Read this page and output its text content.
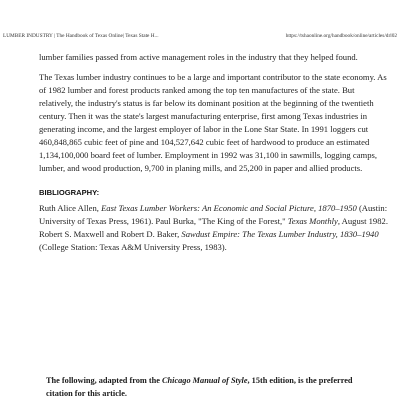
LUMBER INDUSTRY | The Handbook of Texas Online| Texas State H...	https://tshaonline.org/handbook/online/articles/drl02

lumber families passed from active management roles in the industry that they helped found.

The Texas lumber industry continues to be a large and important contributor to the state economy. As of 1982 lumber and forest products ranked among the top ten manufactures of the state. But relatively, the industry's status is far below its dominant position at the beginning of the twentieth century. Then it was the state's largest manufacturing enterprise, first among Texas industries in generating income, and the largest employer of labor in the Lone Star State. In 1991 loggers cut 460,848,865 cubic feet of pine and 104,527,642 cubic feet of hardwood to produce an estimated 1,134,100,000 board feet of lumber. Employment in 1992 was 31,100 in sawmills, logging camps, lumber, and wood production, 9,700 in planing mills, and 25,200 in paper and allied products.

BIBLIOGRAPHY:

Ruth Alice Allen, East Texas Lumber Workers: An Economic and Social Picture, 1870–1950 (Austin: University of Texas Press, 1961). Paul Burka, "The King of the Forest," Texas Monthly, August 1982. Robert S. Maxwell and Robert D. Baker, Sawdust Empire: The Texas Lumber Industry, 1830–1940 (College Station: Texas A&M University Press, 1983).

The following, adapted from the Chicago Manual of Style, 15th edition, is the preferred citation for this article.
